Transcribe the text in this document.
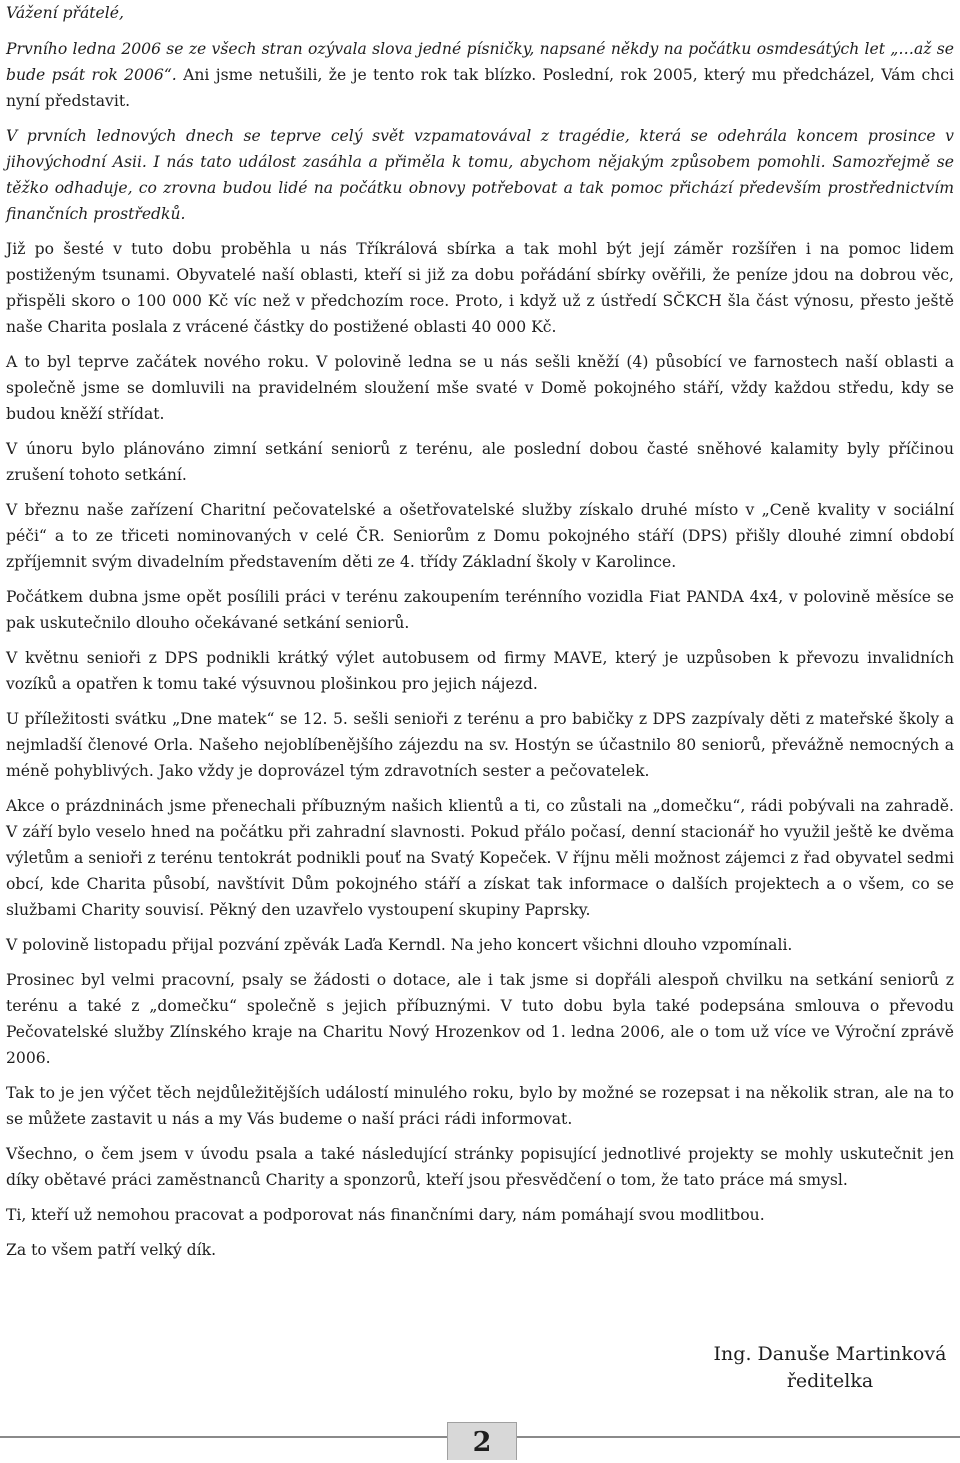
Vážení přátelé,

Prvního ledna 2006 se ze všech stran ozývala slova jedné písničky, napsané někdy na počátku osmdesátých let „…až se bude psát rok 2006“. Ani jsme netušili, že je tento rok tak blízko. Poslední, rok 2005, který mu předcházel, Vám chci nyní představit.

V prvních lednových dnech se teprve celý svět vzpamatovával z tragédie, která se odehrála koncem prosince v jihovýchodní Asii. I nás tato událost zasáhla a přiměla k tomu, abychom nějakým způsobem pomohli. Samozřejmě se těžko odhaduje, co zrovna budou lidé na počátku obnovy potřebovat a tak pomoc přichází především prostřednictvím finančních prostředků.

Již po šesté v tuto dobu proběhla u nás Tříkrálová sbírka a tak mohl být její záměr rozšířen i na pomoc lidem postiženým tsunami. Obyvatelé naší oblasti, kteří si již za dobu pořádání sbírky ověřili, že peníze jdou na dobrou věc, přispěli skoro o 100 000 Kč víc než v předchozím roce. Proto, i když už z ústředí SČKCH šla část výnosu, přesto ještě naše Charita poslala z vrácené částky do postižené oblasti 40 000 Kč.

A to byl teprve začátek nového roku. V polovině ledna se u nás sešli kněží (4) působící ve farnostech naší oblasti a společně jsme se domluvili na pravidelném sloužení mše svaté v Domě pokojného stáří, vždy každou středu, kdy se budou kněží střídat.

V únoru bylo plánováno zimní setkání seniorů z terénu, ale poslední dobou časté sněhové kalamity byly příčinou zrušení tohoto setkání.

V březnu naše zařízení Charitní pečovatelské a ošetřovatelské služby získalo druhé místo v „Ceně kvality v sociální péči“ a to ze třiceti nominovaných v celé ČR. Seniorům z Domu pokojného stáří (DPS) přišly dlouhé zimní období zpříjemnit svým divadelním představením děti ze 4. třídy Základní školy v Karolince.

Počátkem dubna jsme opět posílili práci v terénu zakoupením terénního vozidla Fiat PANDA 4x4, v polovině měsíce se pak uskutečnilo dlouho očekávané setkání seniorů.

V květnu senioři z DPS podnikli krátký výlet autobusem od firmy MAVE, který je uzpůsoben k převozu invalidních vozíků a opatřen k tomu také výsuvnou plošinkou pro jejich nájezd.

U příležitosti svátku „Dne matek“ se 12. 5. sešli senioři z terénu a pro babičky z DPS zazpívaly děti z mateřské školy a nejmladší členové Orla. Našeho nejoblíbenějšího zájezdu na sv. Hostýn se účastnilo 80 seniorů, převážně nemocných a méně pohyblivých. Jako vždy je doprovázel tým zdravotních sester a pečovatelek.

Akce o prázdninách jsme přenechali příbuzným našich klientů a ti, co zůstali na „domečku“, rádi pobývali na zahradě. V září bylo veselo hned na počátku při zahradní slavnosti. Pokud přálo počasí, denní stacionář ho využil ještě ke dvěma výletům a senioři z terénu tentokrát podnikli pouť na Svatý Kopeček. V říjnu měli možnost zájemci z řad obyvatel sedmi obcí, kde Charita působí, navštívit Dům pokojného stáří a získat tak informace o dalších projektech a o všem, co se službami Charity souvisí. Pěkný den uzavřelo vystoupení skupiny Paprsky.

V polovině listopadu přijal pozvání zpěvák Laďa Kerndl. Na jeho koncert všichni dlouho vzpomínali.

Prosinec byl velmi pracovní, psaly se žádosti o dotace, ale i tak jsme si dopřáli alespoň chvilku na setkání seniorů z terénu a také z „domečku“ společně s jejich příbuznými. V tuto dobu byla také podepsána smlouva o převodu Pečovatelské služby Zlínského kraje na Charitu Nový Hrozenkov od 1. ledna 2006, ale o tom už více ve Výroční zprávě 2006.

Tak to je jen výčet těch nejdůležitějších událostí minulého roku, bylo by možné se rozepsat i na několik stran, ale na to se můžete zastavit u nás a my Vás budeme o naší práci rádi informovat.

Všechno, o čem jsem v úvodu psala a také následující stránky popisující jednotlivé projekty se mohly uskutečnit jen díky obětavé práci zaměstnanců Charity a sponzorů, kteří jsou přesvědčení o tom, že tato práce má smysl.

Ti, kteří už nemohou pracovat a podporovat nás finančními dary, nám pomáhají svou modlitbou.

Za to všem patří velký dík.

Ing. Danuše Martinková
ředitelka
2
